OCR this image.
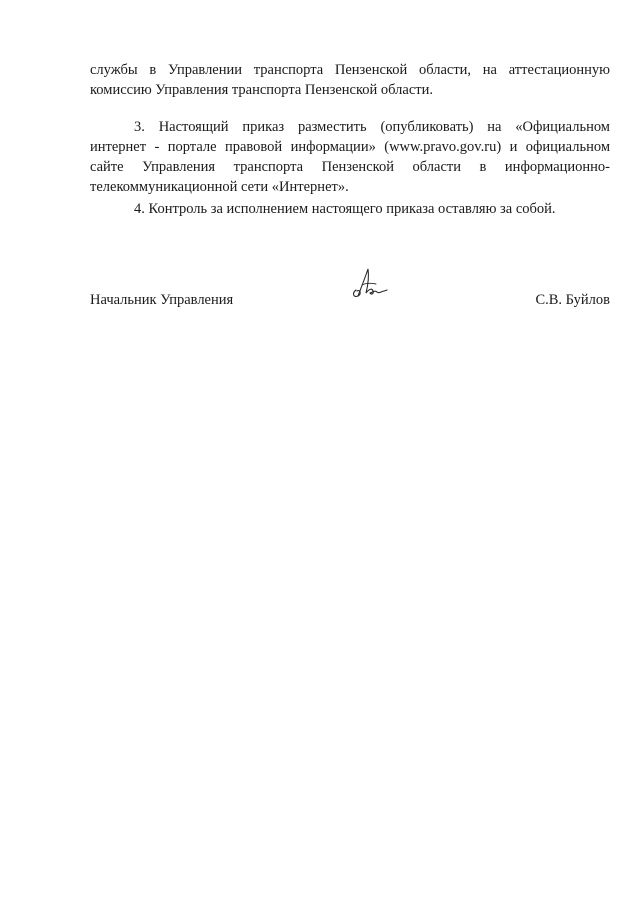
службы в Управлении транспорта Пензенской области, на аттестационную
комиссию Управления транспорта Пензенской области.
3. Настоящий приказ разместить (опубликовать) на «Официальном
интернет - портале правовой информации» (www.pravo.gov.ru) и официальном
сайте Управления транспорта Пензенской области в информационно-
телекоммуникационной сети «Интернет».
4. Контроль за исполнением настоящего приказа оставляю за собой.
Начальник Управления	С.В. Буйлов
